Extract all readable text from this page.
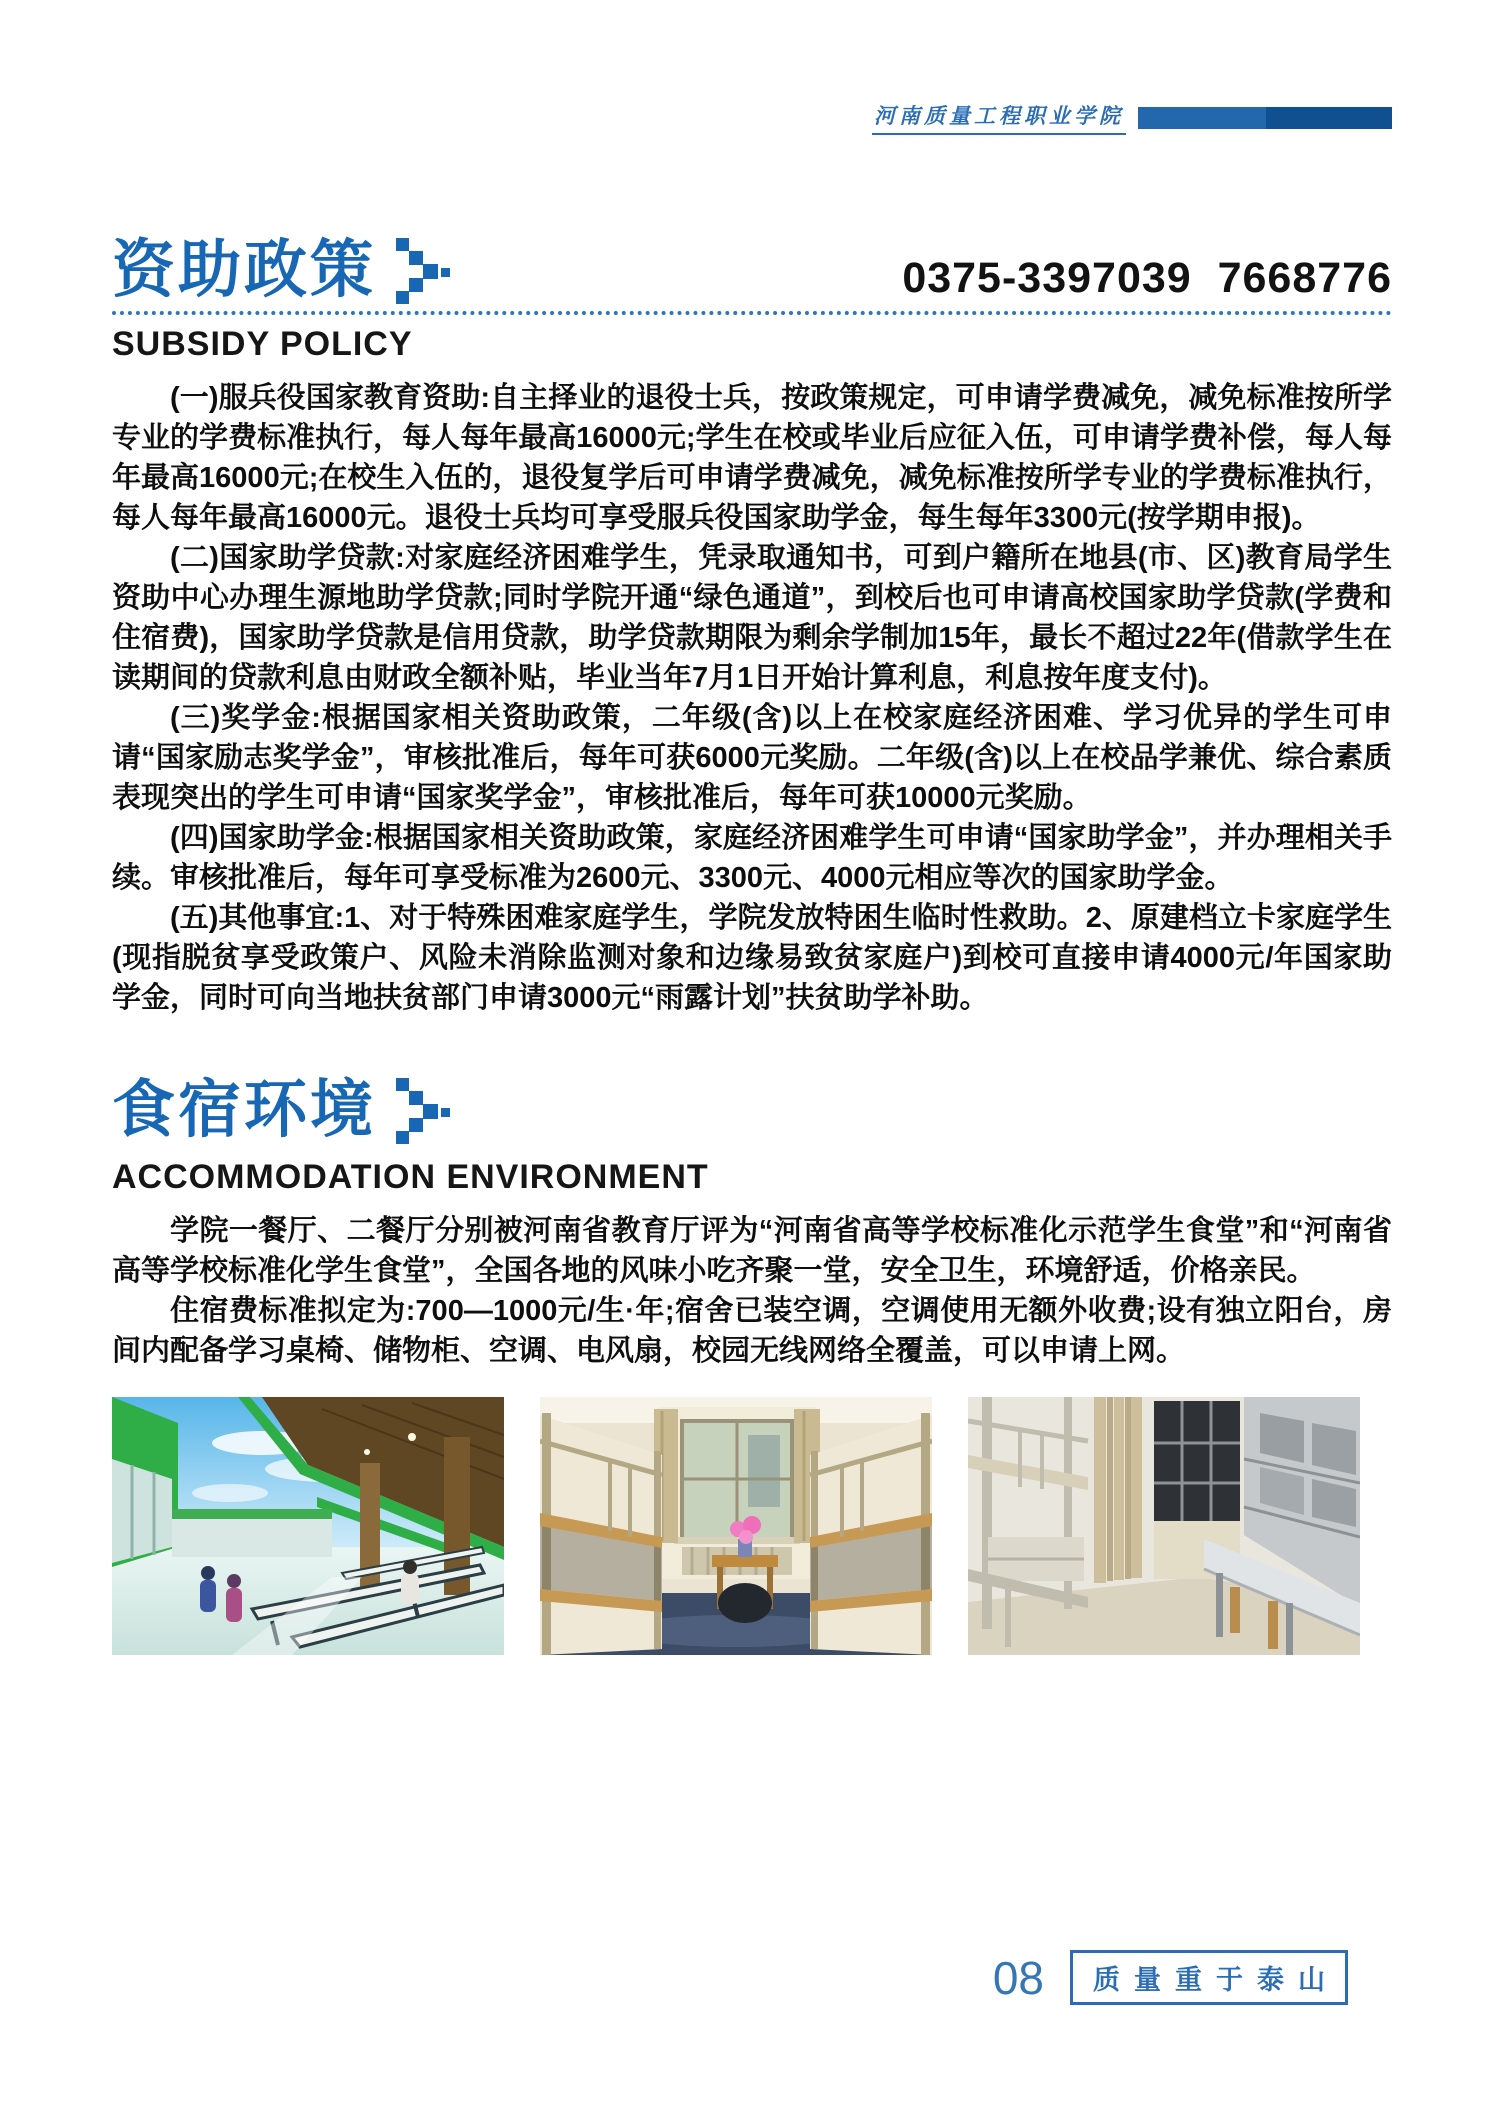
河南质量工程职业学院
资助政策	0375-3397039  7668776
SUBSIDY POLICY

(一)服兵役国家教育资助:自主择业的退役士兵，按政策规定，可申请学费减免，减免标准按所学专业的学费标准执行，每人每年最高16000元;学生在校或毕业后应征入伍，可申请学费补偿，每人每年最高16000元;在校生入伍的，退役复学后可申请学费减免，减免标准按所学专业的学费标准执行，每人每年最高16000元。退役士兵均可享受服兵役国家助学金，每生每年3300元(按学期申报)。

(二)国家助学贷款:对家庭经济困难学生，凭录取通知书，可到户籍所在地县(市、区)教育局学生资助中心办理生源地助学贷款;同时学院开通“绿色通道”，到校后也可申请高校国家助学贷款(学费和住宿费)，国家助学贷款是信用贷款，助学贷款期限为剩余学制加15年，最长不超过22年(借款学生在读期间的贷款利息由财政全额补贴，毕业当年7月1日开始计算利息，利息按年度支付)。

(三)奖学金:根据国家相关资助政策，二年级(含)以上在校家庭经济困难、学习优异的学生可申请“国家励志奖学金”，审核批准后，每年可获6000元奖励。二年级(含)以上在校品学兼优、综合素质表现突出的学生可申请“国家奖学金”，审核批准后，每年可获10000元奖励。

(四)国家助学金:根据国家相关资助政策，家庭经济困难学生可申请“国家助学金”，并办理相关手续。审核批准后，每年可享受标准为2600元、3300元、4000元相应等次的国家助学金。

(五)其他事宜:1、对于特殊困难家庭学生，学院发放特困生临时性救助。2、原建档立卡家庭学生(现指脱贫享受政策户、风险未消除监测对象和边缘易致贫家庭户)到校可直接申请4000元/年国家助学金，同时可向当地扶贫部门申请3000元“雨露计划”扶贫助学补助。

食宿环境
ACCOMMODATION ENVIRONMENT

学院一餐厅、二餐厅分别被河南省教育厅评为“河南省高等学校标准化示范学生食堂”和“河南省高等学校标准化学生食堂”，全国各地的风味小吃齐聚一堂，安全卫生，环境舒适，价格亲民。

住宿费标准拟定为:700—1000元/生·年;宿舍已装空调，空调使用无额外收费;设有独立阳台，房间内配备学习桌椅、储物柜、空调、电风扇，校园无线网络全覆盖，可以申请上网。

08	质量重于泰山
